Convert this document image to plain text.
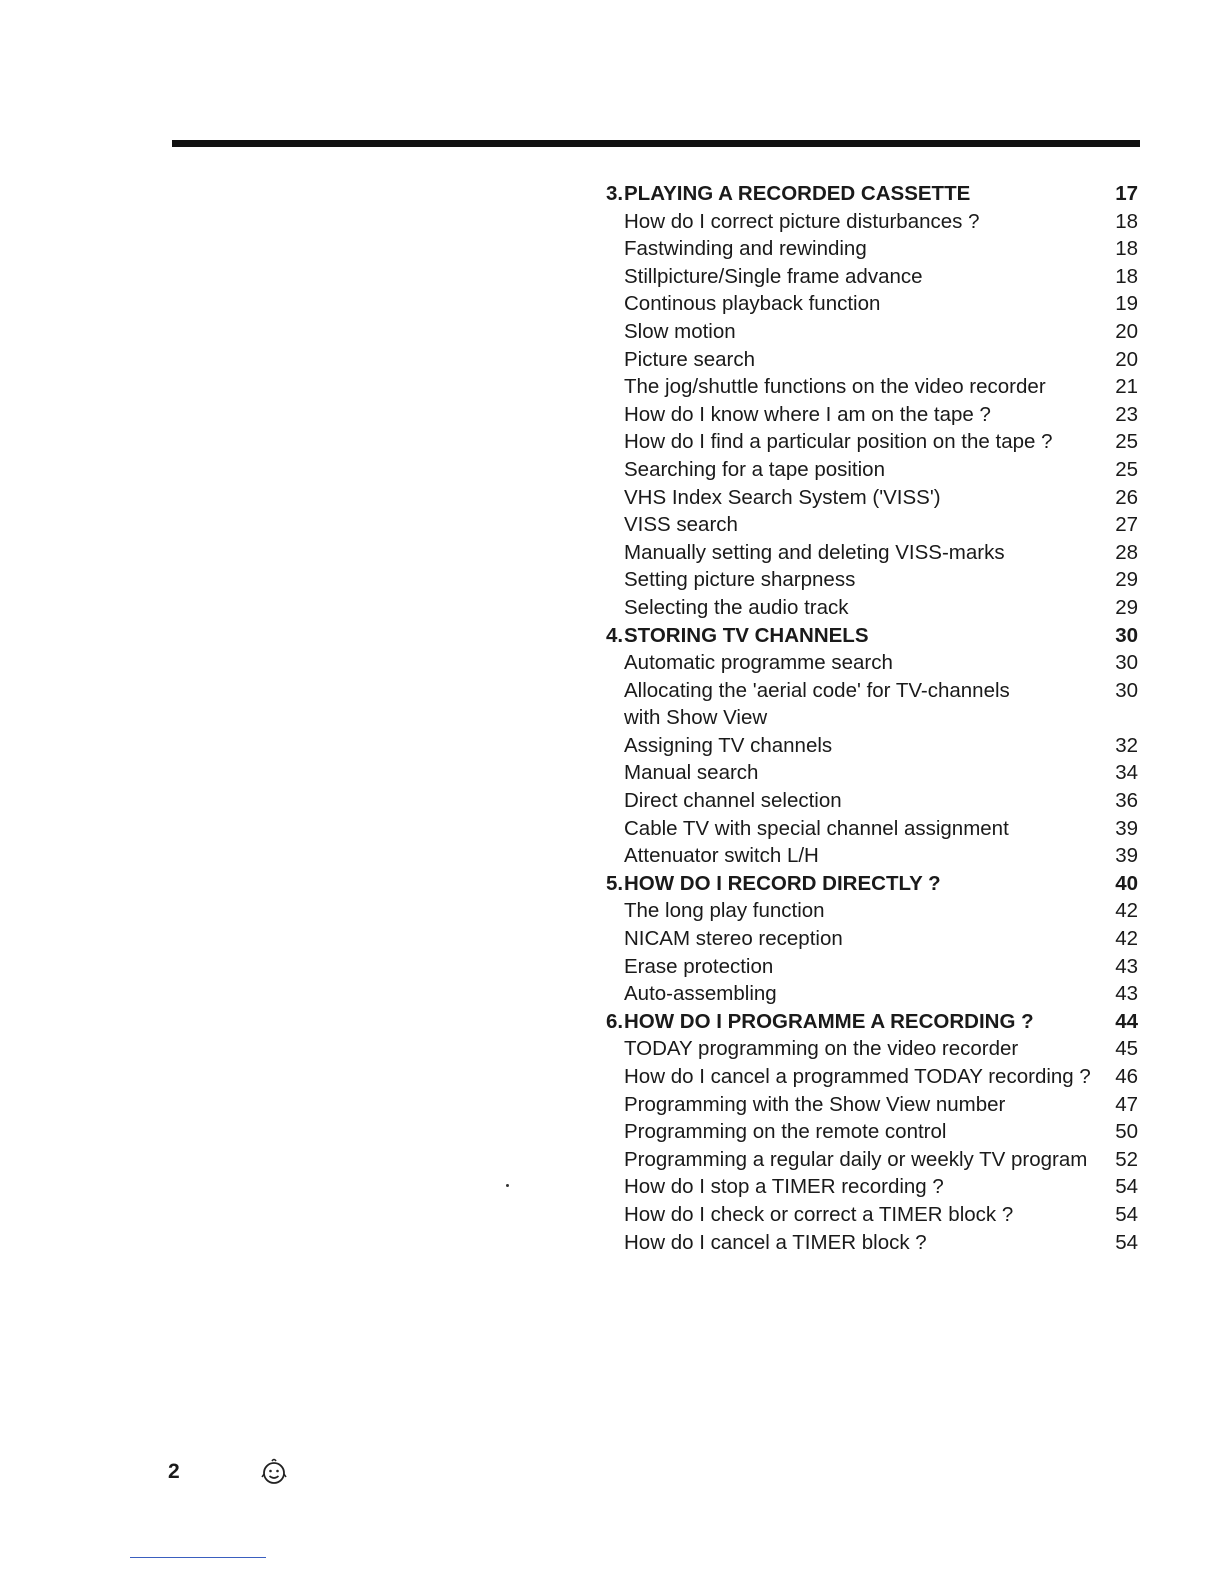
3. PLAYING A RECORDED CASSETTE	17
How do I correct picture disturbances ?	18
Fastwinding and rewinding	18
Stillpicture/Single frame advance	18
Continous playback function	19
Slow motion	20
Picture search	20
The jog/shuttle functions on the video recorder	21
How do I know where I am on the tape ?	23
How do I find a particular position on the tape ?	25
Searching for a tape position	25
VHS Index Search System ('VISS')	26
VISS search	27
Manually setting and deleting VISS-marks	28
Setting picture sharpness	29
Selecting the audio track	29
4. STORING TV CHANNELS	30
Automatic programme search	30
Allocating the 'aerial code' for TV-channels	30
with Show View
Assigning TV channels	32
Manual search	34
Direct channel selection	36
Cable TV with special channel assignment	39
Attenuator switch L/H	39
5. HOW DO I RECORD DIRECTLY ?	40
The long play function	42
NICAM stereo reception	42
Erase protection	43
Auto-assembling	43
6. HOW DO I PROGRAMME A RECORDING ?	44
TODAY programming on the video recorder	45
How do I cancel a programmed TODAY recording ? 46
Programming with the Show View number	47
Programming on the remote control	50
Programming a regular daily or weekly TV program 52
How do I stop a TIMER recording ?	54
How do I check or correct a TIMER block ?	54
How do I cancel a TIMER block ?	54
2
